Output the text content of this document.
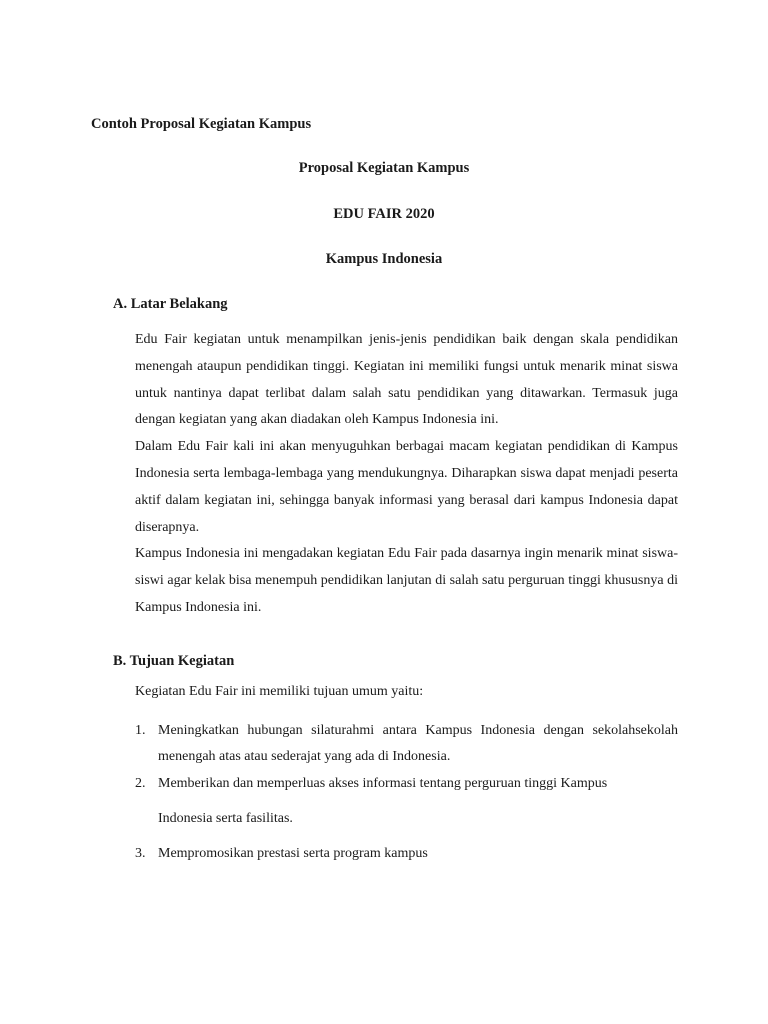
Contoh Proposal Kegiatan Kampus
Proposal Kegiatan Kampus
EDU FAIR 2020
Kampus Indonesia
A. Latar Belakang

Edu Fair kegiatan untuk menampilkan jenis-jenis pendidikan baik dengan skala pendidikan menengah ataupun pendidikan tinggi. Kegiatan ini memiliki fungsi untuk menarik minat siswa untuk nantinya dapat terlibat dalam salah satu pendidikan yang ditawarkan. Termasuk juga dengan kegiatan yang akan diadakan oleh Kampus Indonesia ini.

Dalam Edu Fair kali ini akan menyuguhkan berbagai macam kegiatan pendidikan di Kampus Indonesia serta lembaga-lembaga yang mendukungnya. Diharapkan siswa dapat menjadi peserta aktif dalam kegiatan ini, sehingga banyak informasi yang berasal dari kampus Indonesia dapat diserapnya.

Kampus Indonesia ini mengadakan kegiatan Edu Fair pada dasarnya ingin menarik minat siswa-siswi agar kelak bisa menempuh pendidikan lanjutan di salah satu perguruan tinggi khususnya di Kampus Indonesia ini.

B. Tujuan Kegiatan

Kegiatan Edu Fair ini memiliki tujuan umum yaitu:

1. Meningkatkan hubungan silaturahmi antara Kampus Indonesia dengan sekolahsekolah menengah atas atau sederajat yang ada di Indonesia.
2. Memberikan dan memperluas akses informasi tentang perguruan tinggi Kampus
Indonesia serta fasilitas.
3. Mempromosikan prestasi serta program kampus
